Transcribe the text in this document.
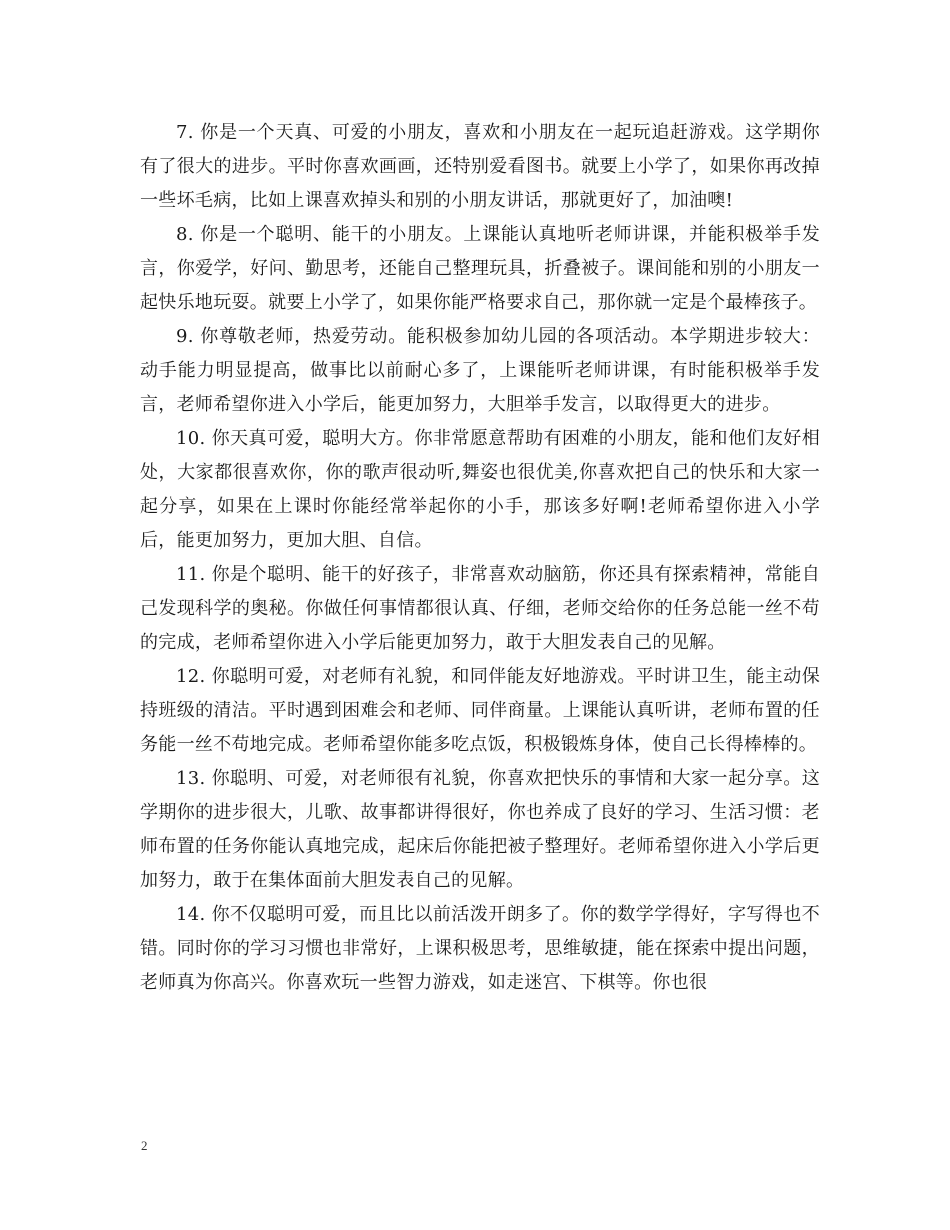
7. 你是一个天真、可爱的小朋友，喜欢和小朋友在一起玩追赶游戏。这学期你有了很大的进步。平时你喜欢画画，还特别爱看图书。就要上小学了，如果你再改掉一些坏毛病，比如上课喜欢掉头和别的小朋友讲话，那就更好了，加油噢!

8. 你是一个聪明、能干的小朋友。上课能认真地听老师讲课，并能积极举手发言，你爱学，好问、勤思考，还能自己整理玩具，折叠被子。课间能和别的小朋友一起快乐地玩耍。就要上小学了，如果你能严格要求自己，那你就一定是个最棒孩子。

9. 你尊敬老师，热爱劳动。能积极参加幼儿园的各项活动。本学期进步较大：动手能力明显提高，做事比以前耐心多了，上课能听老师讲课，有时能积极举手发言，老师希望你进入小学后，能更加努力，大胆举手发言，以取得更大的进步。

10. 你天真可爱，聪明大方。你非常愿意帮助有困难的小朋友，能和他们友好相处，大家都很喜欢你，你的歌声很动听,舞姿也很优美,你喜欢把自己的快乐和大家一起分享，如果在上课时你能经常举起你的小手，那该多好啊!老师希望你进入小学后，能更加努力，更加大胆、自信。

11. 你是个聪明、能干的好孩子，非常喜欢动脑筋，你还具有探索精神，常能自己发现科学的奥秘。你做任何事情都很认真、仔细，老师交给你的任务总能一丝不苟的完成，老师希望你进入小学后能更加努力，敢于大胆发表自己的见解。

12. 你聪明可爱，对老师有礼貌，和同伴能友好地游戏。平时讲卫生，能主动保持班级的清洁。平时遇到困难会和老师、同伴商量。上课能认真听讲，老师布置的任务能一丝不苟地完成。老师希望你能多吃点饭，积极锻炼身体，使自己长得棒棒的。

13. 你聪明、可爱，对老师很有礼貌，你喜欢把快乐的事情和大家一起分享。这学期你的进步很大，儿歌、故事都讲得很好，你也养成了良好的学习、生活习惯：老师布置的任务你能认真地完成，起床后你能把被子整理好。老师希望你进入小学后更加努力，敢于在集体面前大胆发表自己的见解。

14. 你不仅聪明可爱，而且比以前活泼开朗多了。你的数学学得好，字写得也不错。同时你的学习习惯也非常好，上课积极思考，思维敏捷，能在探索中提出问题，老师真为你高兴。你喜欢玩一些智力游戏，如走迷宫、下棋等。你也很

2
